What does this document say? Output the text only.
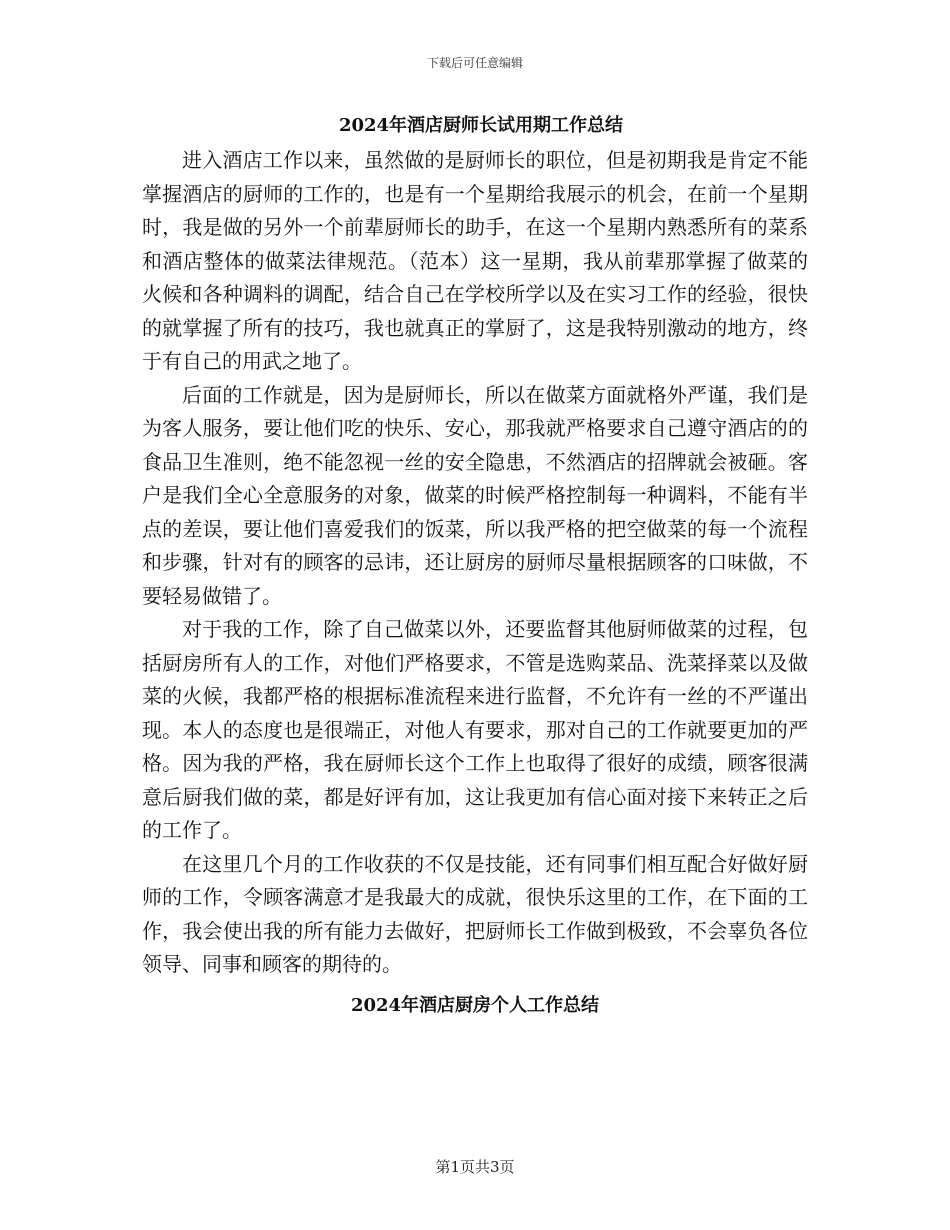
下载后可任意编辑
2024年酒店厨师长试用期工作总结

进入酒店工作以来，虽然做的是厨师长的职位，但是初期我是肯定不能掌握酒店的厨师的工作的，也是有一个星期给我展示的机会，在前一个星期时，我是做的另外一个前辈厨师长的助手，在这一个星期内熟悉所有的菜系和酒店整体的做菜法律规范。（范本）这一星期，我从前辈那掌握了做菜的火候和各种调料的调配，结合自己在学校所学以及在实习工作的经验，很快的就掌握了所有的技巧，我也就真正的掌厨了，这是我特别激动的地方，终于有自己的用武之地了。

后面的工作就是，因为是厨师长，所以在做菜方面就格外严谨，我们是为客人服务，要让他们吃的快乐、安心，那我就严格要求自己遵守酒店的的食品卫生准则，绝不能忽视一丝的安全隐患，不然酒店的招牌就会被砸。客户是我们全心全意服务的对象，做菜的时候严格控制每一种调料，不能有半点的差误，要让他们喜爱我们的饭菜，所以我严格的把空做菜的每一个流程和步骤，针对有的顾客的忌讳，还让厨房的厨师尽量根据顾客的口味做，不要轻易做错了。

对于我的工作，除了自己做菜以外，还要监督其他厨师做菜的过程，包括厨房所有人的工作，对他们严格要求，不管是选购菜品、洗菜择菜以及做菜的火候，我都严格的根据标准流程来进行监督，不允许有一丝的不严谨出现。本人的态度也是很端正，对他人有要求，那对自己的工作就要更加的严格。因为我的严格，我在厨师长这个工作上也取得了很好的成绩，顾客很满意后厨我们做的菜，都是好评有加，这让我更加有信心面对接下来转正之后的工作了。

在这里几个月的工作收获的不仅是技能，还有同事们相互配合好做好厨师的工作，令顾客满意才是我最大的成就，很快乐这里的工作，在下面的工作，我会使出我的所有能力去做好，把厨师长工作做到极致，不会辜负各位领导、同事和顾客的期待的。

2024年酒店厨房个人工作总结
第1页共3页
